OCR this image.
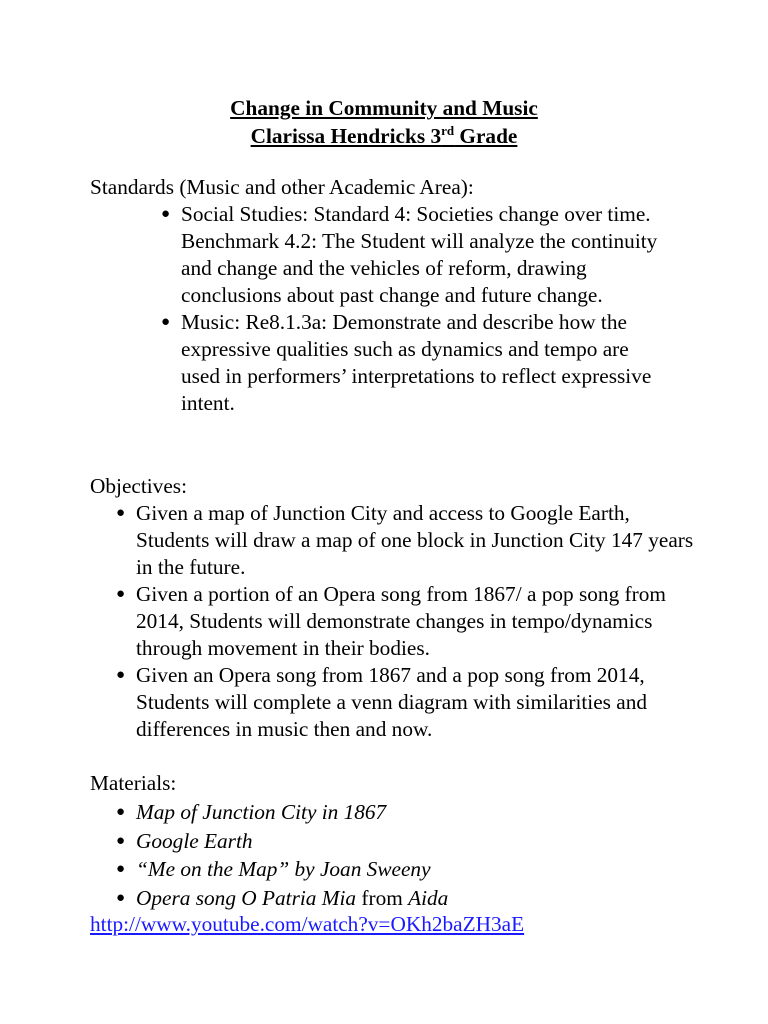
Change in Community and Music
Clarissa Hendricks 3rd Grade
Standards (Music and other Academic Area):
● Social Studies: Standard 4: Societies change over time. Benchmark 4.2: The Student will analyze the continuity and change and the vehicles of reform, drawing conclusions about past change and future change.
● Music: Re8.1.3a: Demonstrate and describe how the expressive qualities such as dynamics and tempo are used in performers’ interpretations to reflect expressive intent.
Objectives:
● Given a map of Junction City and access to Google Earth, Students will draw a map of one block in Junction City 147 years in the future.
● Given a portion of an Opera song from 1867/ a pop song from 2014, Students will demonstrate changes in tempo/dynamics through movement in their bodies.
● Given an Opera song from 1867 and a pop song from 2014, Students will complete a venn diagram with similarities and differences in music then and now.
Materials:
● Map of Junction City in 1867
● Google Earth
● “Me on the Map” by Joan Sweeny
● Opera song O Patria Mia from Aida
http://www.youtube.com/watch?v=OKh2baZH3aE
